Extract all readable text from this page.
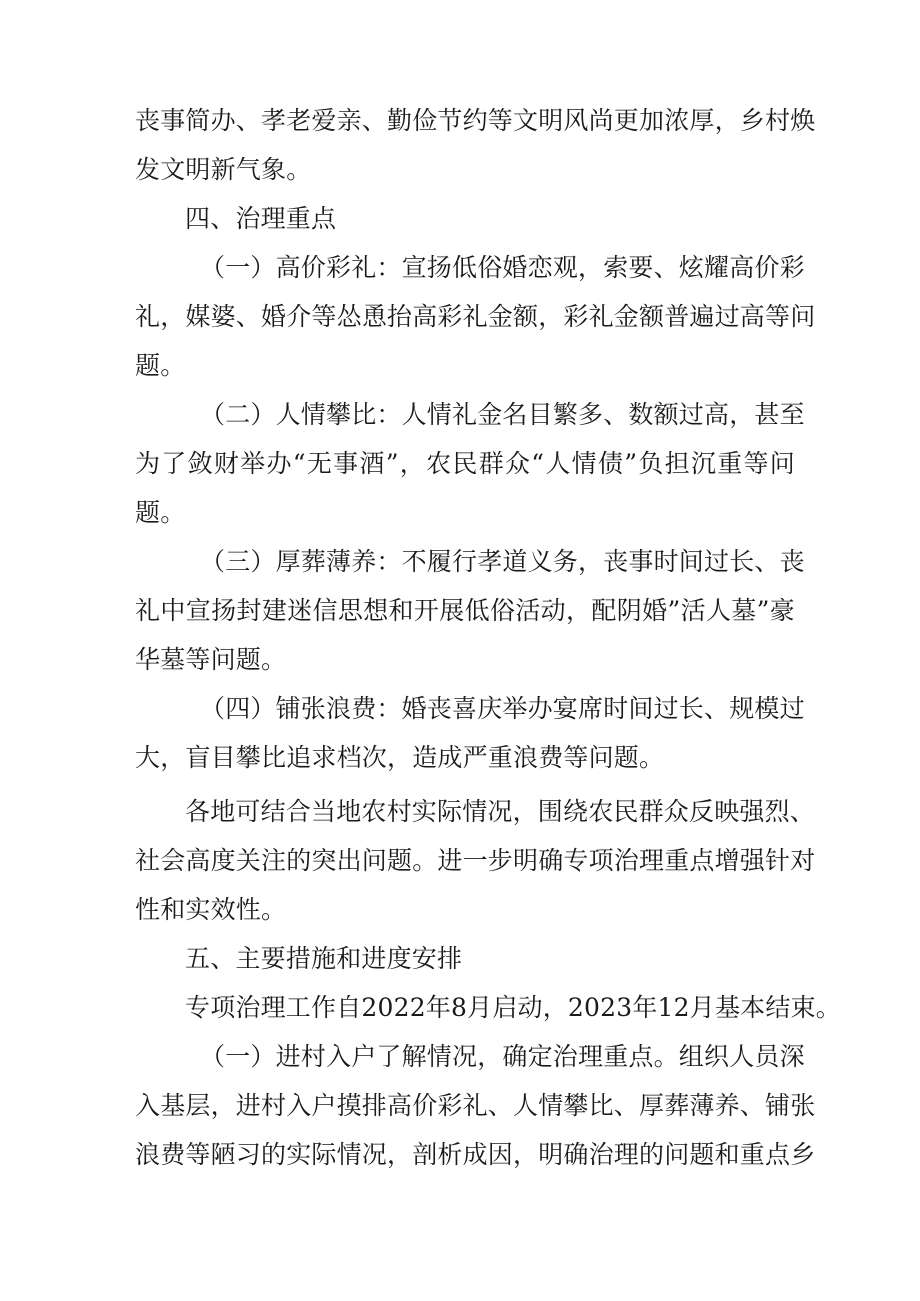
丧事简办、孝老爱亲、勤俭节约等文明风尚更加浓厚，乡村焕
发文明新气象。
四、治理重点
（一）高价彩礼：宣扬低俗婚恋观，索要、炫耀高价彩
礼，媒婆、婚介等怂恿抬高彩礼金额，彩礼金额普遍过高等问
题。
（二）人情攀比：人情礼金名目繁多、数额过高，甚至
为了敛财举办“无事酒”，农民群众“人情债”负担沉重等问
题。
（三）厚葬薄养：不履行孝道义务，丧事时间过长、丧
礼中宣扬封建迷信思想和开展低俗活动，配阴婚”活人墓”豪
华墓等问题。
（四）铺张浪费：婚丧喜庆举办宴席时间过长、规模过
大，盲目攀比追求档次，造成严重浪费等问题。
各地可结合当地农村实际情况，围绕农民群众反映强烈、
社会高度关注的突出问题。进一步明确专项治理重点增强针对
性和实效性。
五、主要措施和进度安排
专项治理工作自2022年8月启动，2023年12月基本结束。
（一）进村入户了解情况，确定治理重点。组织人员深
入基层，进村入户摸排高价彩礼、人情攀比、厚葬薄养、铺张
浪费等陋习的实际情况，剖析成因，明确治理的问题和重点乡
